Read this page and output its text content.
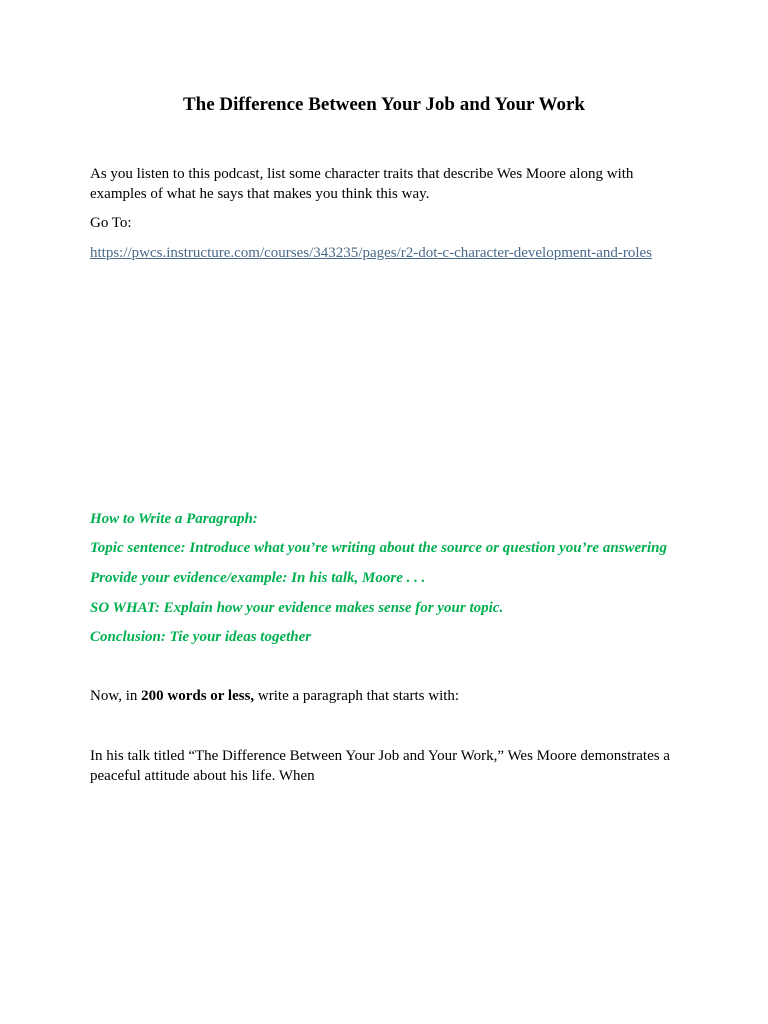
The Difference Between Your Job and Your Work
As you listen to this podcast, list some character traits that describe Wes Moore along with examples of what he says that makes you think this way.
Go To:
https://pwcs.instructure.com/courses/343235/pages/r2-dot-c-character-development-and-roles
How to Write a Paragraph:
Topic sentence: Introduce what you’re writing about the source or question you’re answering
Provide your evidence/example: In his talk, Moore . . .
SO WHAT: Explain how your evidence makes sense for your topic.
Conclusion: Tie your ideas together
Now, in 200 words or less, write a paragraph that starts with:
In his talk titled “The Difference Between Your Job and Your Work,” Wes Moore demonstrates a peaceful attitude about his life. When
